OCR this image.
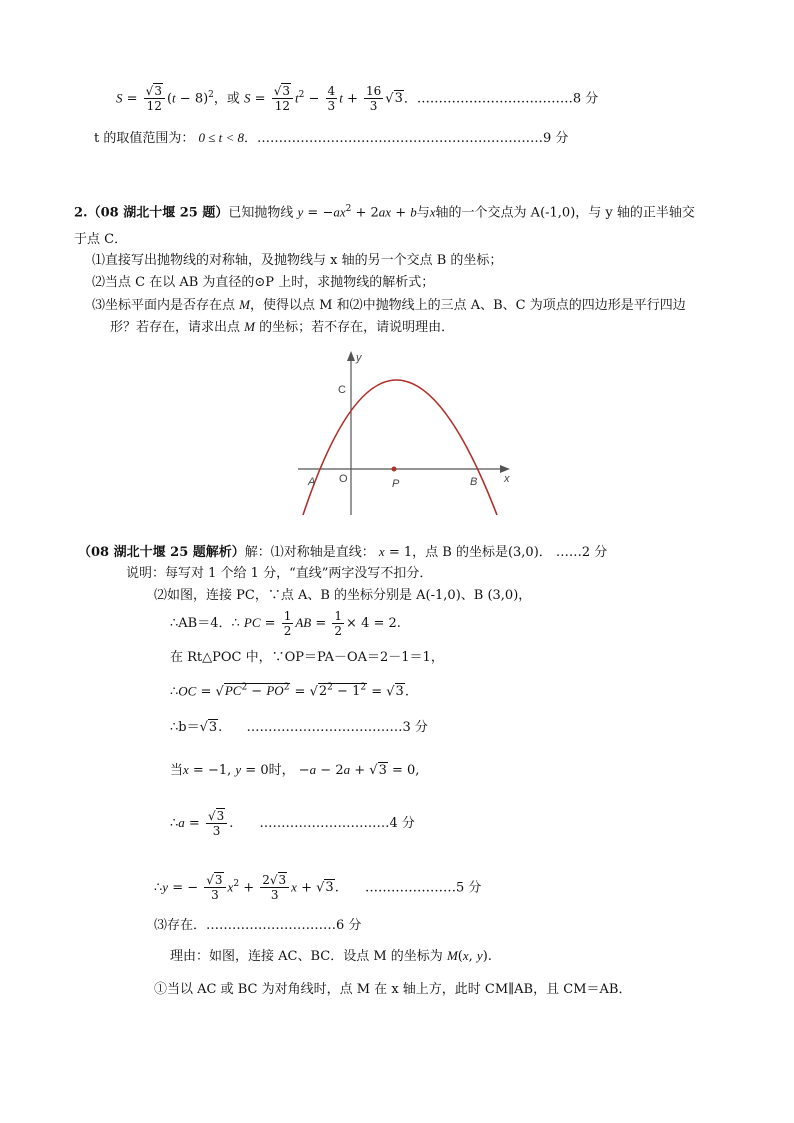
$S = \frac{√3}{12} (t - 8)^2$，或 $S = \frac{√3}{12} t^2 - \frac{4}{3}$ $t + \frac{16}{3} √3$．………………………………8 分
t 的取值范围为： 0 ≤ t < 8．…………………………………………………………9 分
2.（08 湖北十堰 25 题）已知抛物线 $y = -ax^2 + 2ax + b$与x轴的一个交点为 A(-1,0)，与 y 轴的正半轴交
于点 C．
⑴直接写出抛物线的对称轴，及抛物线与 x 轴的另一个交点 B 的坐标；
⑵当点 C 在以 AB 为直径的⊙P 上时，求抛物线的解析式；
⑶坐标平面内是否存在点 M，使得以点 M 和⑵中抛物线上的三点 A、B、C 为项点的四边形是平行四边
形？若存在，请求出点 M 的坐标；若不存在，请说明理由．
y
x
C
O
A	P	B
（08 湖北十堰 25 题解析）解：⑴对称轴是直线： x = 1，点 B 的坐标是(3,0)． ……2 分
说明：每写对 1 个给 1 分，“直线”两字没写不扣分．
⑵如图，连接 PC，∵点 A、B 的坐标分别是 A(-1,0)、B (3,0)，
∴AB＝4．∴ PC = $\frac{1}{2}$ AB = $\frac{1}{2} \times 4 = 2$.
在 Rt△POC 中，∵OP＝PA－OA＝2－1＝1，
∴OC = $√PC^2 - PO^2 = √2^2 - 1^2 = √3$.
∴b＝√3. ………………………………3 分
当x = −1, y = 0时， −a − 2a + √3 = 0,
∴a = $\frac{√3}{3}$ . …………………………4 分
∴y = − $\frac{√3}{3} x^2 + \frac{2√3}{3}$ x + √3. …………………5 分
⑶存在．…………………………6 分
理由：如图，连接 AC、BC．设点 M 的坐标为 M(x, y).
①当以 AC 或 BC 为对角线时，点 M 在 x 轴上方，此时 CM∥AB，且 CM＝AB．
